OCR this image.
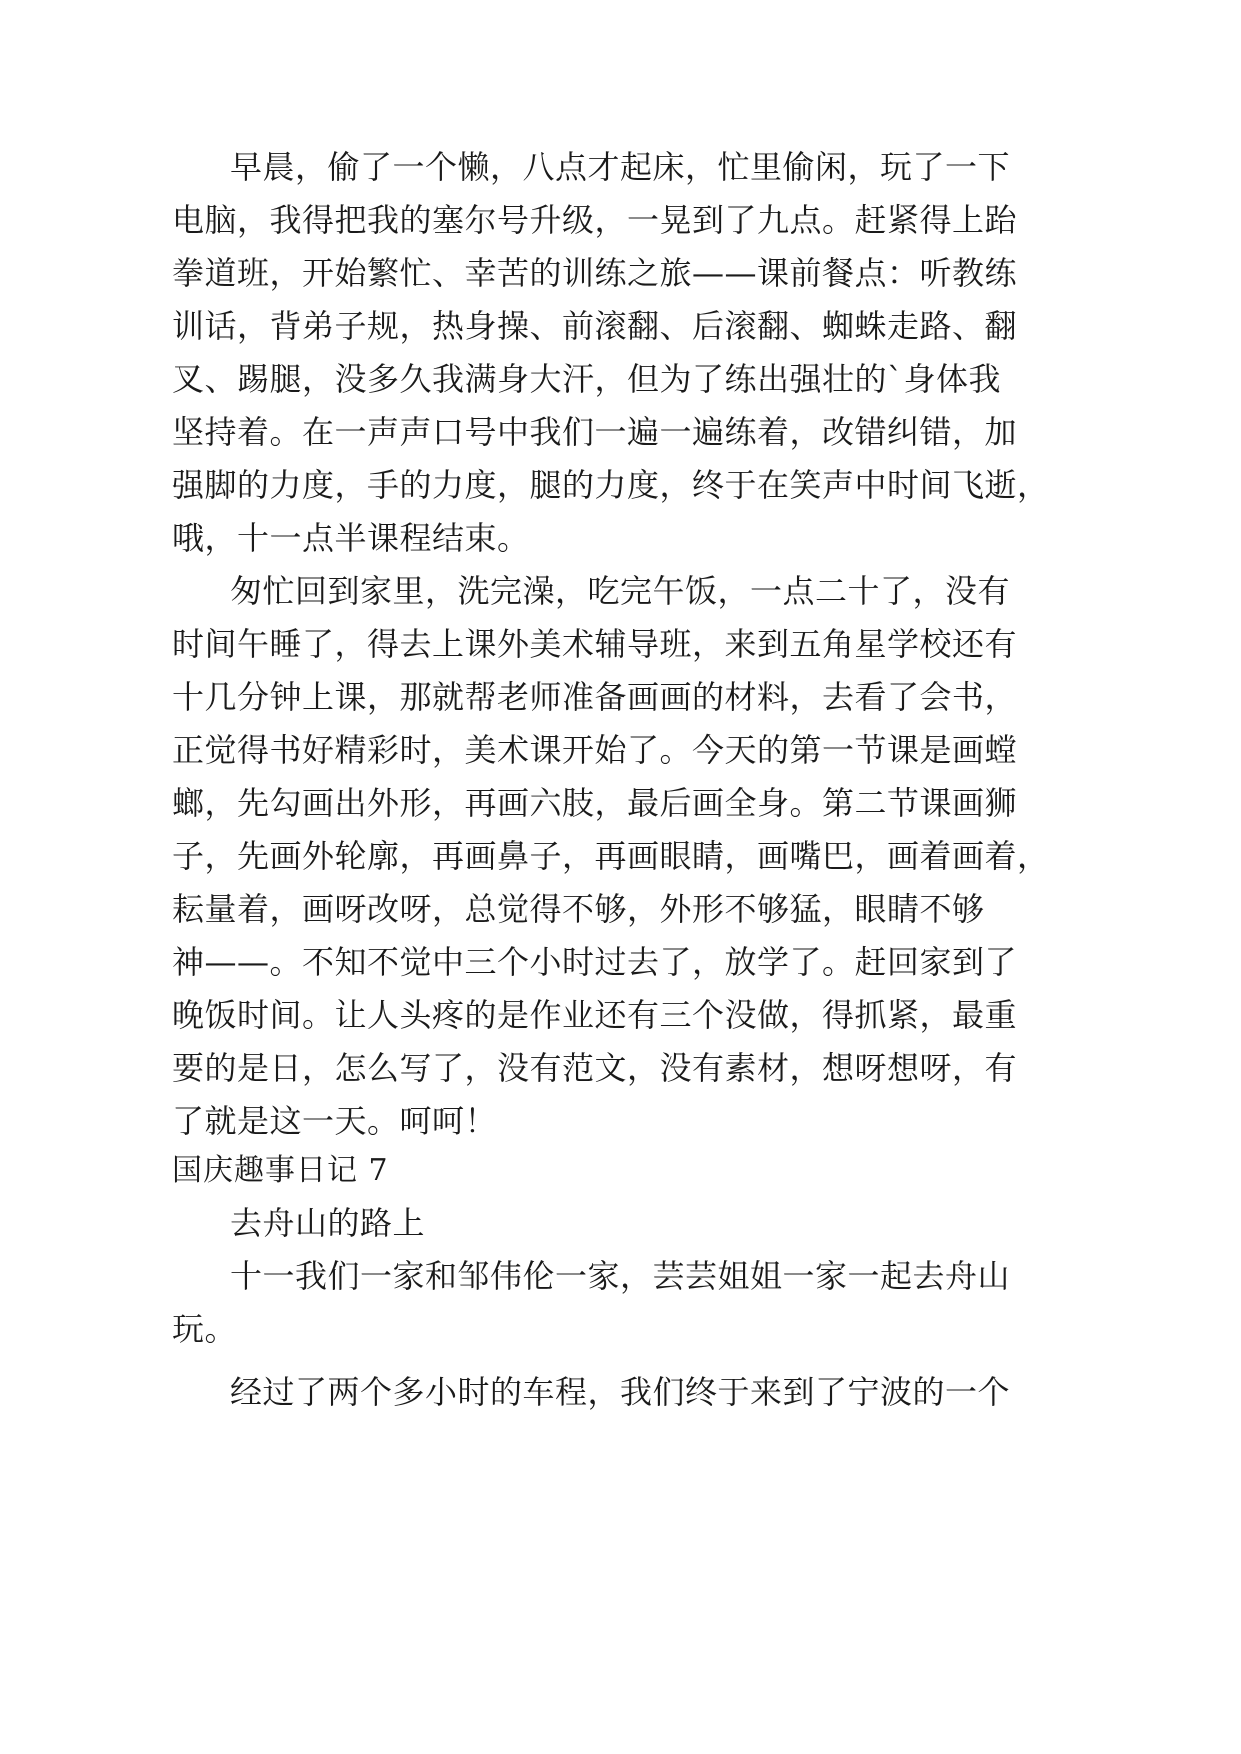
早晨，偷了一个懒，八点才起床，忙里偷闲，玩了一下

电脑，我得把我的塞尔号升级，一晃到了九点。赶紧得上跆

拳道班，开始繁忙、幸苦的训练之旅——课前餐点：听教练

训话，背弟子规，热身操、前滚翻、后滚翻、蜘蛛走路、翻

叉、踢腿，没多久我满身大汗，但为了练出强壮的`身体我

坚持着。在一声声口号中我们一遍一遍练着，改错纠错，加

强脚的力度，手的力度，腿的力度，终于在笑声中时间飞逝，

哦，十一点半课程结束。

匆忙回到家里，洗完澡，吃完午饭，一点二十了，没有

时间午睡了，得去上课外美术辅导班，来到五角星学校还有

十几分钟上课，那就帮老师准备画画的材料，去看了会书，

正觉得书好精彩时，美术课开始了。今天的第一节课是画螳

螂，先勾画出外形，再画六肢，最后画全身。第二节课画狮

子，先画外轮廓，再画鼻子，再画眼睛，画嘴巴，画着画着，

耘量着，画呀改呀，总觉得不够，外形不够猛，眼睛不够

神——。不知不觉中三个小时过去了，放学了。赶回家到了

晚饭时间。让人头疼的是作业还有三个没做，得抓紧，最重

要的是日，怎么写了，没有范文，没有素材，想呀想呀，有

了就是这一天。呵呵！

国庆趣事日记 7

去舟山的路上

十一我们一家和邹伟伦一家，芸芸姐姐一家一起去舟山

玩。

经过了两个多小时的车程，我们终于来到了宁波的一个
